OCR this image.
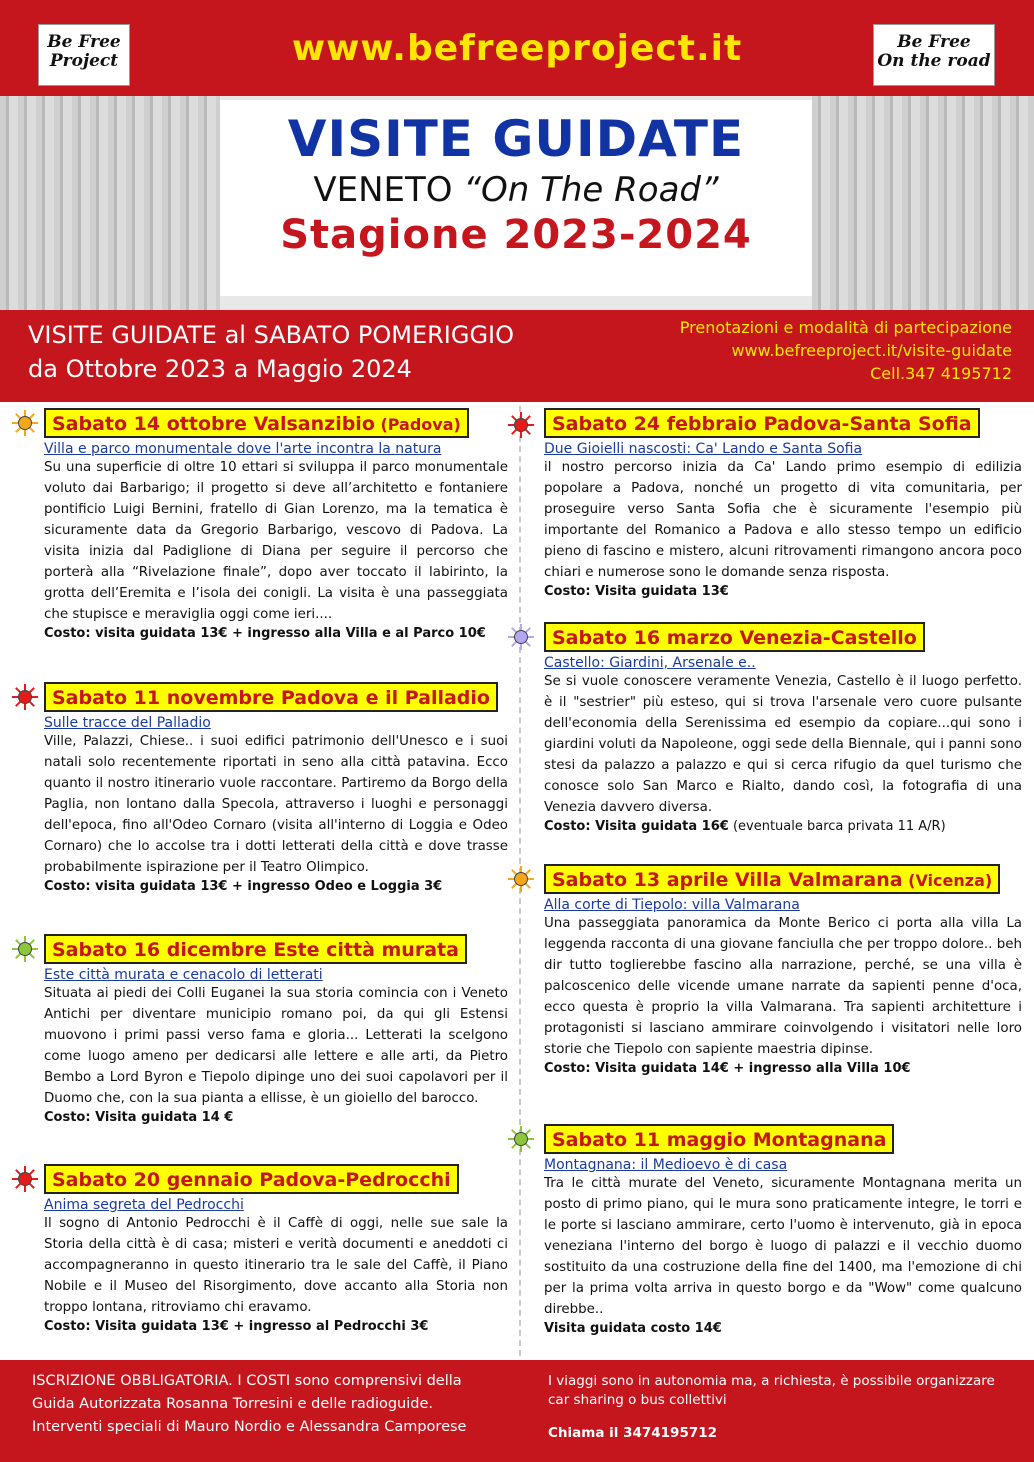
Be Free
Project	www.befreeproject.it	Be Free
On the road
VISITE GUIDATE
VENETO “On The Road”
Stagione 2023-2024
VISITE GUIDATE al SABATO POMERIGGIO
da Ottobre 2023 a Maggio 2024
Prenotazioni e modalità di partecipazione
www.befreeproject.it/visite-guidate
Cell.347 4195712
Sabato 14 ottobre Valsanzibio (Padova)
Villa e parco monumentale dove l'arte incontra la natura
Su una superficie di oltre 10 ettari si sviluppa il parco monumentale voluto dai Barbarigo; il progetto si deve all’architetto e fontaniere pontificio Luigi Bernini, fratello di Gian Lorenzo, ma la tematica è sicuramente data da Gregorio Barbarigo, vescovo di Padova. La visita inizia dal Padiglione di Diana per seguire il percorso che porterà alla “Rivelazione finale”, dopo aver toccato il labirinto, la grotta dell’Eremita e l’isola dei conigli. La visita è una passeggiata che stupisce e meraviglia oggi come ieri....
Costo: visita guidata 13€ + ingresso alla Villa e al Parco 10€
Sabato 11 novembre Padova e il Palladio
Sulle tracce del Palladio
Ville, Palazzi, Chiese.. i suoi edifici patrimonio dell'Unesco e i suoi natali solo recentemente riportati in seno alla città patavina. Ecco quanto il nostro itinerario vuole raccontare. Partiremo da Borgo della Paglia, non lontano dalla Specola, attraverso i luoghi e personaggi dell'epoca, fino all'Odeo Cornaro (visita all'interno di Loggia e Odeo Cornaro) che lo accolse tra i dotti letterati della città e dove trasse probabilmente ispirazione per il Teatro Olimpico.
Costo: visita guidata 13€ + ingresso Odeo e Loggia 3€
Sabato 16 dicembre Este città murata
Este città murata e cenacolo di letterati
Situata ai piedi dei Colli Euganei la sua storia comincia con i Veneto Antichi per diventare municipio romano poi, da qui gli Estensi muovono i primi passi verso fama e gloria... Letterati la scelgono come luogo ameno per dedicarsi alle lettere e alle arti, da Pietro Bembo a Lord Byron e Tiepolo dipinge uno dei suoi capolavori per il Duomo che, con la sua pianta a ellisse, è un gioiello del barocco.
Costo: Visita guidata 14 €
Sabato 20 gennaio Padova-Pedrocchi
Anima segreta del Pedrocchi
Il sogno di Antonio Pedrocchi è il Caffè di oggi, nelle sue sale la Storia della città è di casa; misteri e verità documenti e aneddoti ci accompagneranno in questo itinerario tra le sale del Caffè, il Piano Nobile e il Museo del Risorgimento, dove accanto alla Storia non troppo lontana, ritroviamo chi eravamo.
Costo: Visita guidata 13€ + ingresso al Pedrocchi 3€
Sabato 24 febbraio Padova-Santa Sofia
Due Gioielli nascosti: Ca' Lando e Santa Sofia
il nostro percorso inizia da Ca' Lando primo esempio di edilizia popolare a Padova, nonché un progetto di vita comunitaria, per proseguire verso Santa Sofia che è sicuramente l'esempio più importante del Romanico a Padova e allo stesso tempo un edificio pieno di fascino e mistero, alcuni ritrovamenti rimangono ancora poco chiari e numerose sono le domande senza risposta.
Costo: Visita guidata 13€
Sabato 16 marzo Venezia-Castello
Castello: Giardini, Arsenale e..
Se si vuole conoscere veramente Venezia, Castello è il luogo perfetto. è il "sestrier" più esteso, qui si trova l'arsenale vero cuore pulsante dell'economia della Serenissima ed esempio da copiare...qui sono i giardini voluti da Napoleone, oggi sede della Biennale, qui i panni sono stesi da palazzo a palazzo e qui si cerca rifugio da quel turismo che conosce solo San Marco e Rialto, dando così, la fotografia di una Venezia davvero diversa.
Costo: Visita guidata 16€ (eventuale barca privata 11 A/R)
Sabato 13 aprile Villa Valmarana (Vicenza)
Alla corte di Tiepolo: villa Valmarana
Una passeggiata panoramica da Monte Berico ci porta alla villa La leggenda racconta di una giovane fanciulla che per troppo dolore.. beh dir tutto toglierebbe fascino alla narrazione, perché, se una villa è palcoscenico delle vicende umane narrate da sapienti penne d'oca, ecco questa è proprio la villa Valmarana. Tra sapienti architetture i protagonisti si lasciano ammirare coinvolgendo i visitatori nelle loro storie che Tiepolo con sapiente maestria dipinse.
Costo: Visita guidata 14€ + ingresso alla Villa 10€
Sabato 11 maggio Montagnana
Montagnana: il Medioevo è di casa
Tra le città murate del Veneto, sicuramente Montagnana merita un posto di primo piano, qui le mura sono praticamente integre, le torri e le porte si lasciano ammirare, certo l'uomo è intervenuto, già in epoca veneziana l'interno del borgo è luogo di palazzi e il vecchio duomo sostituito da una costruzione della fine del 1400, ma l'emozione di chi per la prima volta arriva in questo borgo e da "Wow" come qualcuno direbbe..
Visita guidata costo 14€
ISCRIZIONE OBBLIGATORIA. I COSTI sono comprensivi della
Guida Autorizzata Rosanna Torresini e delle radioguide.
Interventi speciali di Mauro Nordio e Alessandra Camporese
I viaggi sono in autonomia ma, a richiesta, è possibile organizzare
car sharing o bus collettivi
Chiama il 3474195712
